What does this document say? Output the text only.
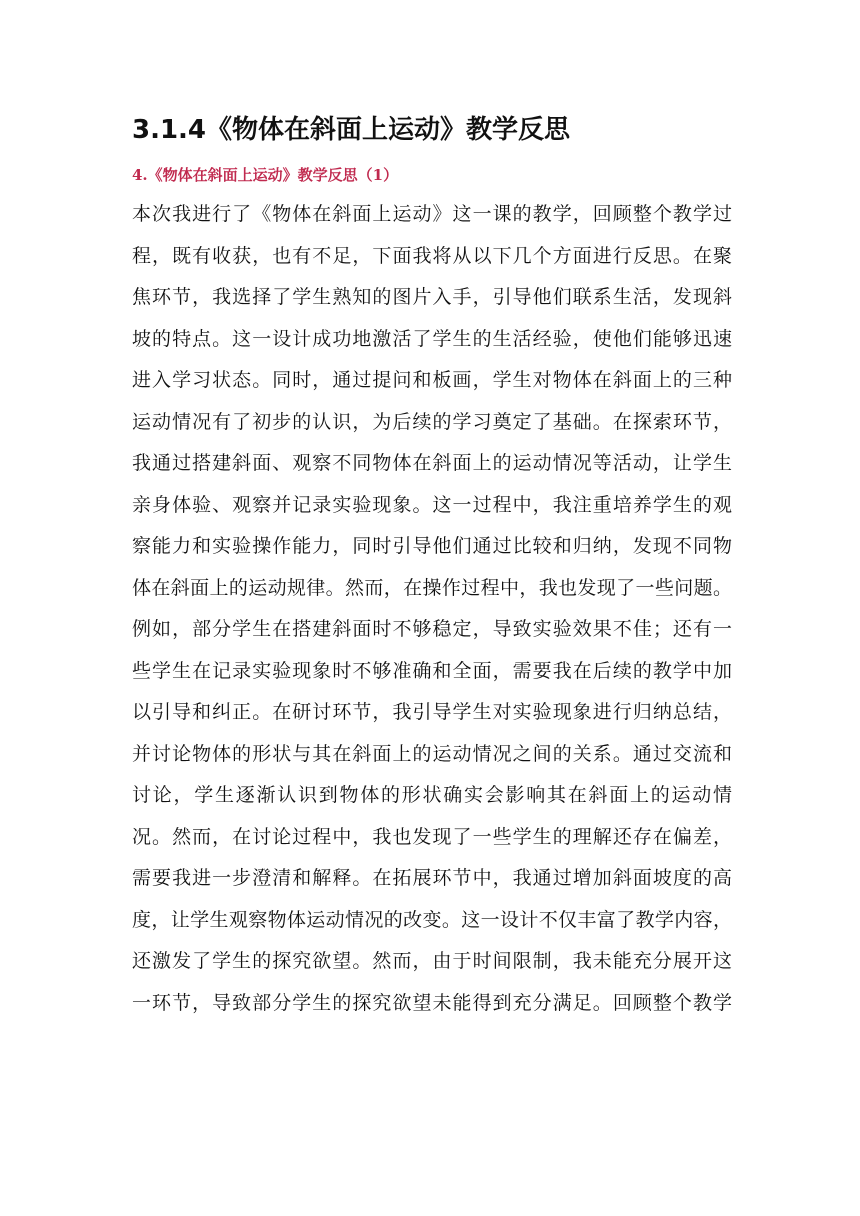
3.1.4《物体在斜面上运动》教学反思
4.《物体在斜面上运动》教学反思（1）
本次我进行了《物体在斜面上运动》这一课的教学，回顾整个教学过
程，既有收获，也有不足，下面我将从以下几个方面进行反思。在聚
焦环节，我选择了学生熟知的图片入手，引导他们联系生活，发现斜
坡的特点。这一设计成功地激活了学生的生活经验，使他们能够迅速
进入学习状态。同时，通过提问和板画，学生对物体在斜面上的三种
运动情况有了初步的认识，为后续的学习奠定了基础。在探索环节，
我通过搭建斜面、观察不同物体在斜面上的运动情况等活动，让学生
亲身体验、观察并记录实验现象。这一过程中，我注重培养学生的观
察能力和实验操作能力，同时引导他们通过比较和归纳，发现不同物
体在斜面上的运动规律。然而，在操作过程中，我也发现了一些问题。
例如，部分学生在搭建斜面时不够稳定，导致实验效果不佳；还有一
些学生在记录实验现象时不够准确和全面，需要我在后续的教学中加
以引导和纠正。在研讨环节，我引导学生对实验现象进行归纳总结，
并讨论物体的形状与其在斜面上的运动情况之间的关系。通过交流和
讨论，学生逐渐认识到物体的形状确实会影响其在斜面上的运动情
况。然而，在讨论过程中，我也发现了一些学生的理解还存在偏差，
需要我进一步澄清和解释。在拓展环节中，我通过增加斜面坡度的高
度，让学生观察物体运动情况的改变。这一设计不仅丰富了教学内容，
还激发了学生的探究欲望。然而，由于时间限制，我未能充分展开这
一环节，导致部分学生的探究欲望未能得到充分满足。回顾整个教学
